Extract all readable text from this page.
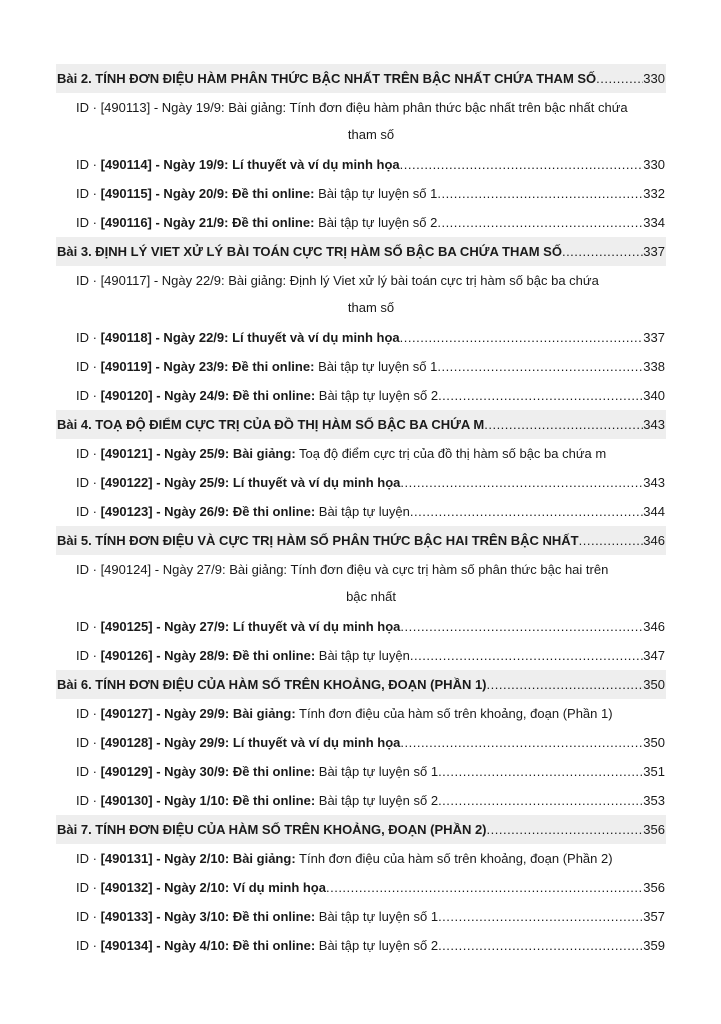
Bài 2. TÍNH ĐƠN ĐIỆU HÀM PHÂN THỨC BẬC NHẤT TRÊN BẬC NHẤT CHỨA THAM SỐ .....	330
ID · [490113] - Ngày 19/9: Bài giảng: Tính đơn điệu hàm phân thức bậc nhất trên bậc nhất chứa
tham số
ID · [490114] - Ngày 19/9: Lí thuyết và ví dụ minh họa .....	330
ID · [490115] - Ngày 20/9: Đề thi online: Bài tập tự luyện số 1 .....	332
ID · [490116] - Ngày 21/9: Đề thi online: Bài tập tự luyện số 2 .....	334
Bài 3. ĐỊNH LÝ VIET XỬ LÝ BÀI TOÁN CỰC TRỊ HÀM SỐ BẬC BA CHỨA THAM SỐ .....	337
ID · [490117] - Ngày 22/9: Bài giảng: Định lý Viet xử lý bài toán cực trị hàm số bậc ba chứa
tham số
ID · [490118] - Ngày 22/9: Lí thuyết và ví dụ minh họa .....	337
ID · [490119] - Ngày 23/9: Đề thi online: Bài tập tự luyện số 1 .....	338
ID · [490120] - Ngày 24/9: Đề thi online: Bài tập tự luyện số 2 .....	340
Bài 4. TOẠ ĐỘ ĐIỂM CỰC TRỊ CỦA ĐỒ THỊ HÀM SỐ BẬC BA CHỨA M .....	343
ID · [490121] - Ngày 25/9: Bài giảng: Toạ độ điểm cực trị của đồ thị hàm số bậc ba chứa m
ID · [490122] - Ngày 25/9: Lí thuyết và ví dụ minh họa .....	343
ID · [490123] - Ngày 26/9: Đề thi online: Bài tập tự luyện .....	344
Bài 5. TÍNH ĐƠN ĐIỆU VÀ CỰC TRỊ HÀM SỐ PHÂN THỨC BẬC HAI TRÊN BẬC NHẤT .....	346
ID · [490124] - Ngày 27/9: Bài giảng: Tính đơn điệu và cực trị hàm số phân thức bậc hai trên
bậc nhất
ID · [490125] - Ngày 27/9: Lí thuyết và ví dụ minh họa .....	346
ID · [490126] - Ngày 28/9: Đề thi online: Bài tập tự luyện .....	347
Bài 6. TÍNH ĐƠN ĐIỆU CỦA HÀM SỐ TRÊN KHOẢNG, ĐOẠN (PHẦN 1) .....	350
ID · [490127] - Ngày 29/9: Bài giảng: Tính đơn điệu của hàm số trên khoảng, đoạn (Phần 1)
ID · [490128] - Ngày 29/9: Lí thuyết và ví dụ minh họa .....	350
ID · [490129] - Ngày 30/9: Đề thi online: Bài tập tự luyện số 1 .....	351
ID · [490130] - Ngày 1/10: Đề thi online: Bài tập tự luyện số 2 .....	353
Bài 7. TÍNH ĐƠN ĐIỆU CỦA HÀM SỐ TRÊN KHOẢNG, ĐOẠN (PHẦN 2) .....	356
ID · [490131] - Ngày 2/10: Bài giảng: Tính đơn điệu của hàm số trên khoảng, đoạn (Phần 2)
ID · [490132] - Ngày 2/10: Ví dụ minh họa .....	356
ID · [490133] - Ngày 3/10: Đề thi online: Bài tập tự luyện số 1 .....	357
ID · [490134] - Ngày 4/10: Đề thi online: Bài tập tự luyện số 2 .....	359
